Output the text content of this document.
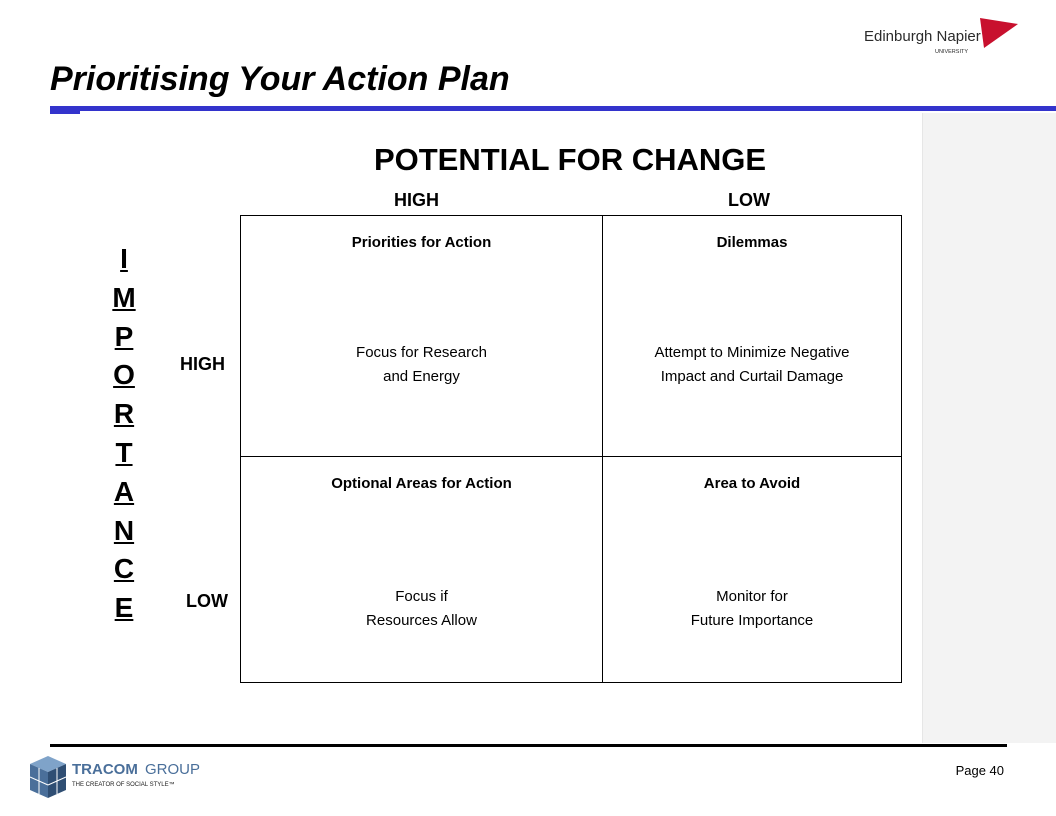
Prioritising Your Action Plan
Edinburgh Napier
UNIVERSITY
POTENTIAL FOR CHANGE
HIGH	LOW
I
M
P
O
R
T
A
N
C
E
HIGH
LOW
Priorities for Action
Focus for Research
and Energy
Dilemmas
Attempt to Minimize Negative
Impact and Curtail Damage
Optional Areas for Action
Focus if
Resources Allow
Area to Avoid
Monitor for
Future Importance
TRACOM GROUP
THE CREATOR OF SOCIAL STYLE™
Page 40
